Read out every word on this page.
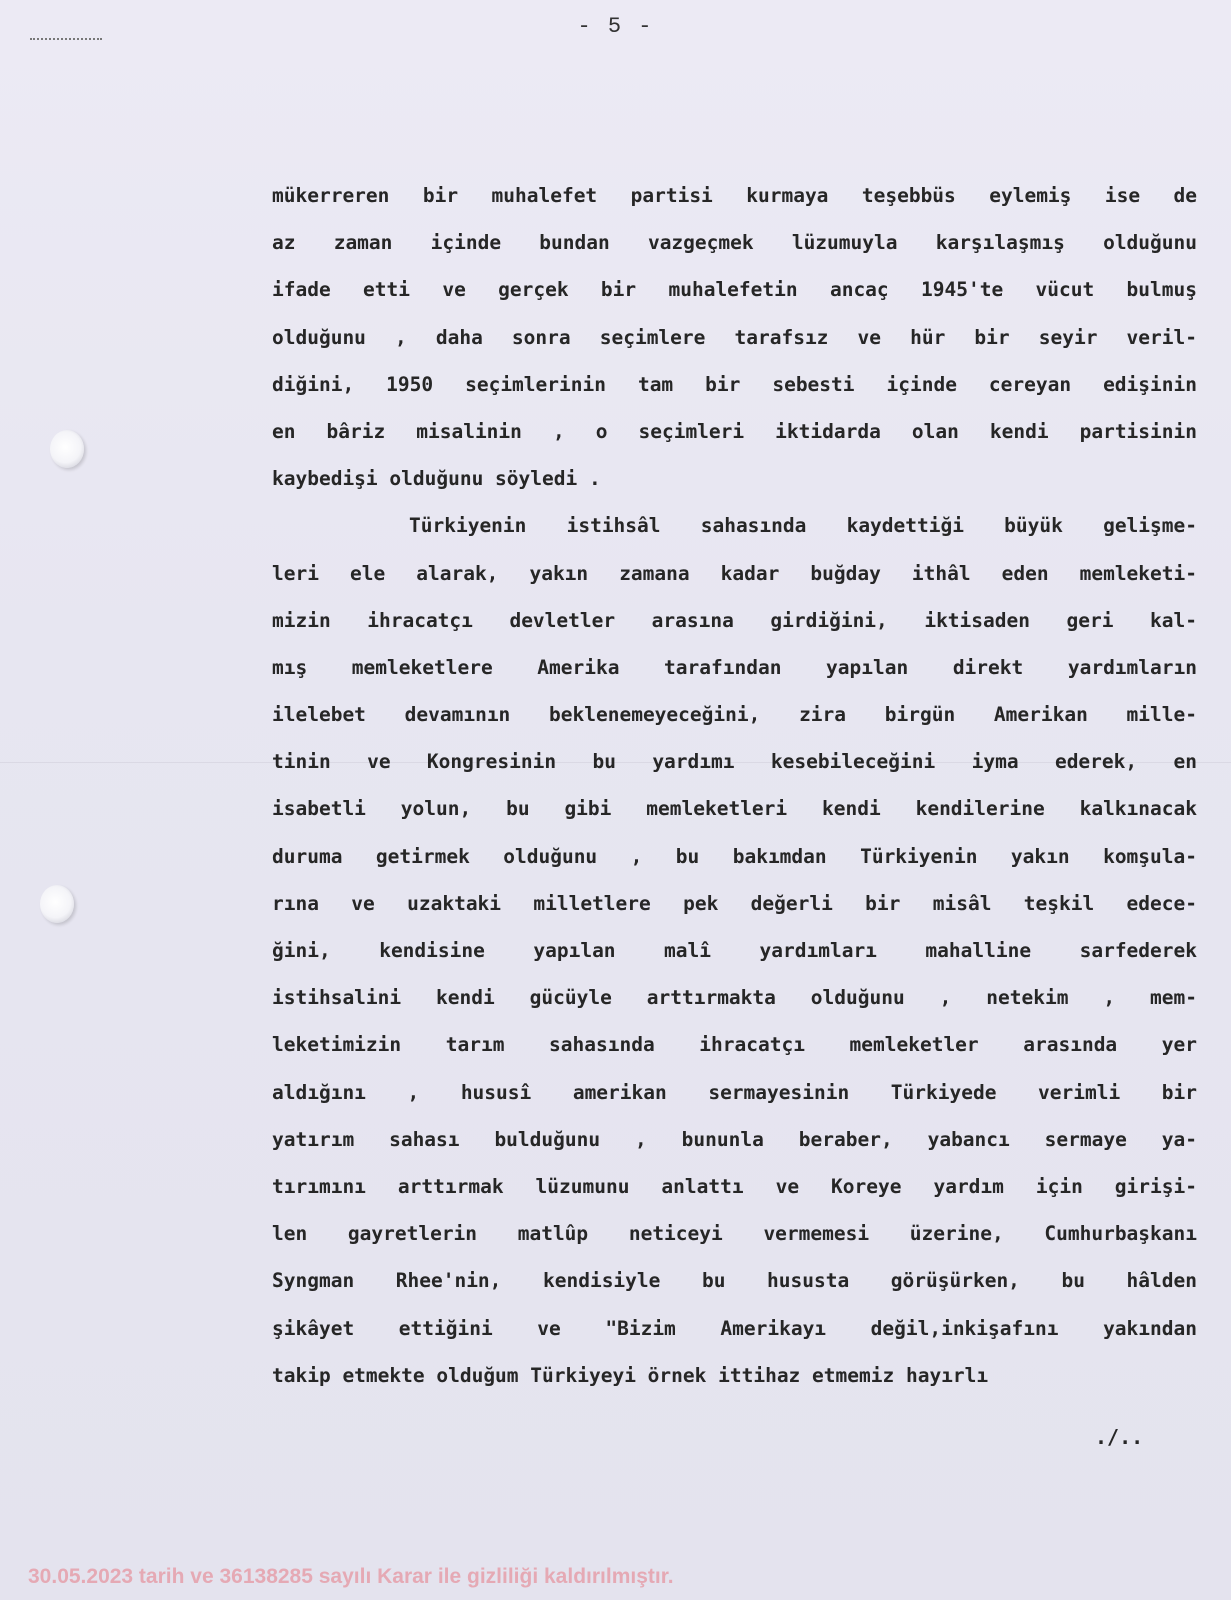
- 5 -
mükerreren bir muhalefet partisi kurmaya teşebbüs eylemiş ise de
az zaman içinde bundan vazgeçmek lüzumuyla karşılaşmış olduğunu
ifade etti ve gerçek bir muhalefetin ancaç 1945'te vücut bulmuş
olduğunu , daha sonra seçimlere tarafsız ve hür bir seyir veril-
diğini, 1950 seçimlerinin tam bir sebesti içinde cereyan edişinin
en bâriz misalinin , o seçimleri iktidarda olan kendi partisinin
kaybedişi olduğunu söyledi .
Türkiyenin istihsâl sahasında kaydettiği büyük gelişme-
leri ele alarak, yakın zamana kadar buğday ithâl eden memleketi-
mizin ihracatçı devletler arasına girdiğini, iktisaden geri kal-
mış memleketlere Amerika tarafından yapılan direkt yardımların
ilelebet devamının beklenemeyeceğini, zira birgün Amerikan mille-
tinin ve Kongresinin bu yardımı kesebileceğini iyma ederek, en
isabetli yolun, bu gibi memleketleri kendi kendilerine kalkınacak
duruma getirmek olduğunu , bu bakımdan Türkiyenin yakın komşula-
rına ve uzaktaki milletlere pek değerli bir misâl teşkil edece-
ğini, kendisine yapılan malî yardımları mahalline sarfederek
istihsalini kendi gücüyle arttırmakta olduğunu , netekim , mem-
leketimizin tarım sahasında ihracatçı memleketler arasında yer
aldığını , hususî amerikan sermayesinin Türkiyede verimli bir
yatırım sahası bulduğunu , bununla beraber, yabancı sermaye ya-
tırımını arttırmak lüzumunu anlattı ve Koreye yardım için girişi-
len gayretlerin matlûp neticeyi vermemesi üzerine, Cumhurbaşkanı
Syngman Rhee'nin, kendisiyle bu hususta görüşürken, bu hâlden
şikâyet ettiğini ve "Bizim Amerikayı değil,inkişafını yakından
takip etmekte olduğum Türkiyeyi örnek ittihaz etmemiz hayırlı
./..
30.05.2023 tarih ve 36138285 sayılı Karar ile gizliliği kaldırılmıştır.
